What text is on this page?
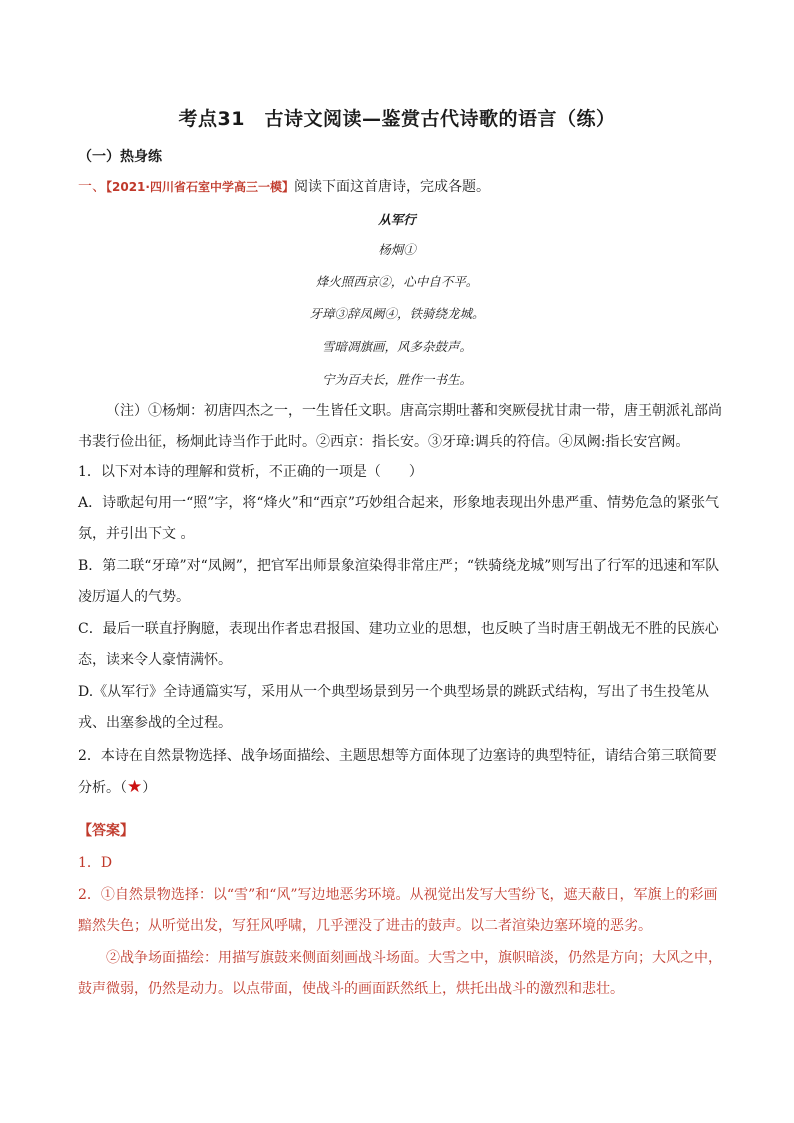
考点31　古诗文阅读—鉴赏古代诗歌的语言（练）
（一）热身练
一、【2021·四川省石室中学高三一模】阅读下面这首唐诗，完成各题。
从军行
杨炯①
烽火照西京②，心中自不平。
牙璋③辞凤阙④，铁骑绕龙城。
雪暗凋旗画，风多杂鼓声。
宁为百夫长，胜作一书生。
（注）①杨炯：初唐四杰之一，一生皆任文职。唐高宗期吐蕃和突厥侵扰甘肃一带，唐王朝派礼部尚书裴行俭出征，杨炯此诗当作于此时。②西京：指长安。③牙璋:调兵的符信。④凤阙:指长安宫阙。
1．以下对本诗的理解和赏析，不正确的一项是（　　）
A．诗歌起句用一“照”字，将“烽火”和“西京”巧妙组合起来，形象地表现出外患严重、情势危急的紧张气氛，并引出下文 。
B．第二联“牙璋”对“凤阙”，把官军出师景象渲染得非常庄严；“铁骑绕龙城”则写出了行军的迅速和军队凌厉逼人的气势。
C．最后一联直抒胸臆，表现出作者忠君报国、建功立业的思想，也反映了当时唐王朝战无不胜的民族心态，读来令人豪情满怀。
D.《从军行》全诗通篇实写，采用从一个典型场景到另一个典型场景的跳跃式结构，写出了书生投笔从戎、出塞参战的全过程。
2．本诗在自然景物选择、战争场面描绘、主题思想等方面体现了边塞诗的典型特征，请结合第三联简要分析。（★）
【答案】
1．D
2．①自然景物选择：以“雪”和“风”写边地恶劣环境。从视觉出发写大雪纷飞，遮天蔽日，军旗上的彩画黯然失色；从听觉出发，写狂风呼啸，几乎湮没了进击的鼓声。以二者渲染边塞环境的恶劣。
②战争场面描绘：用描写旗鼓来侧面刻画战斗场面。大雪之中，旗帜暗淡，仍然是方向；大风之中，鼓声微弱，仍然是动力。以点带面，使战斗的画面跃然纸上，烘托出战斗的激烈和悲壮。
